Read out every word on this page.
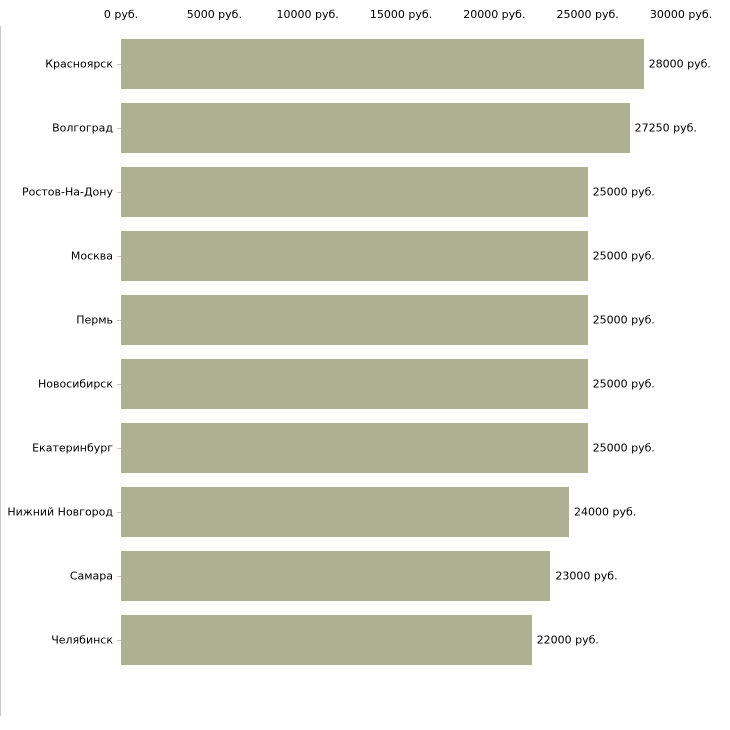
0 руб.	5000 руб.	10000 руб.	15000 руб.	20000 руб.	25000 руб.	30000 руб.
Красноярск	28000 руб.
Волгоград	27250 руб.
Ростов-На-Дону	25000 руб.
Москва	25000 руб.
Пермь	25000 руб.
Новосибирск	25000 руб.
Екатеринбург	25000 руб.
Нижний Новгород	24000 руб.
Самара	23000 руб.
Челябинск	22000 руб.
